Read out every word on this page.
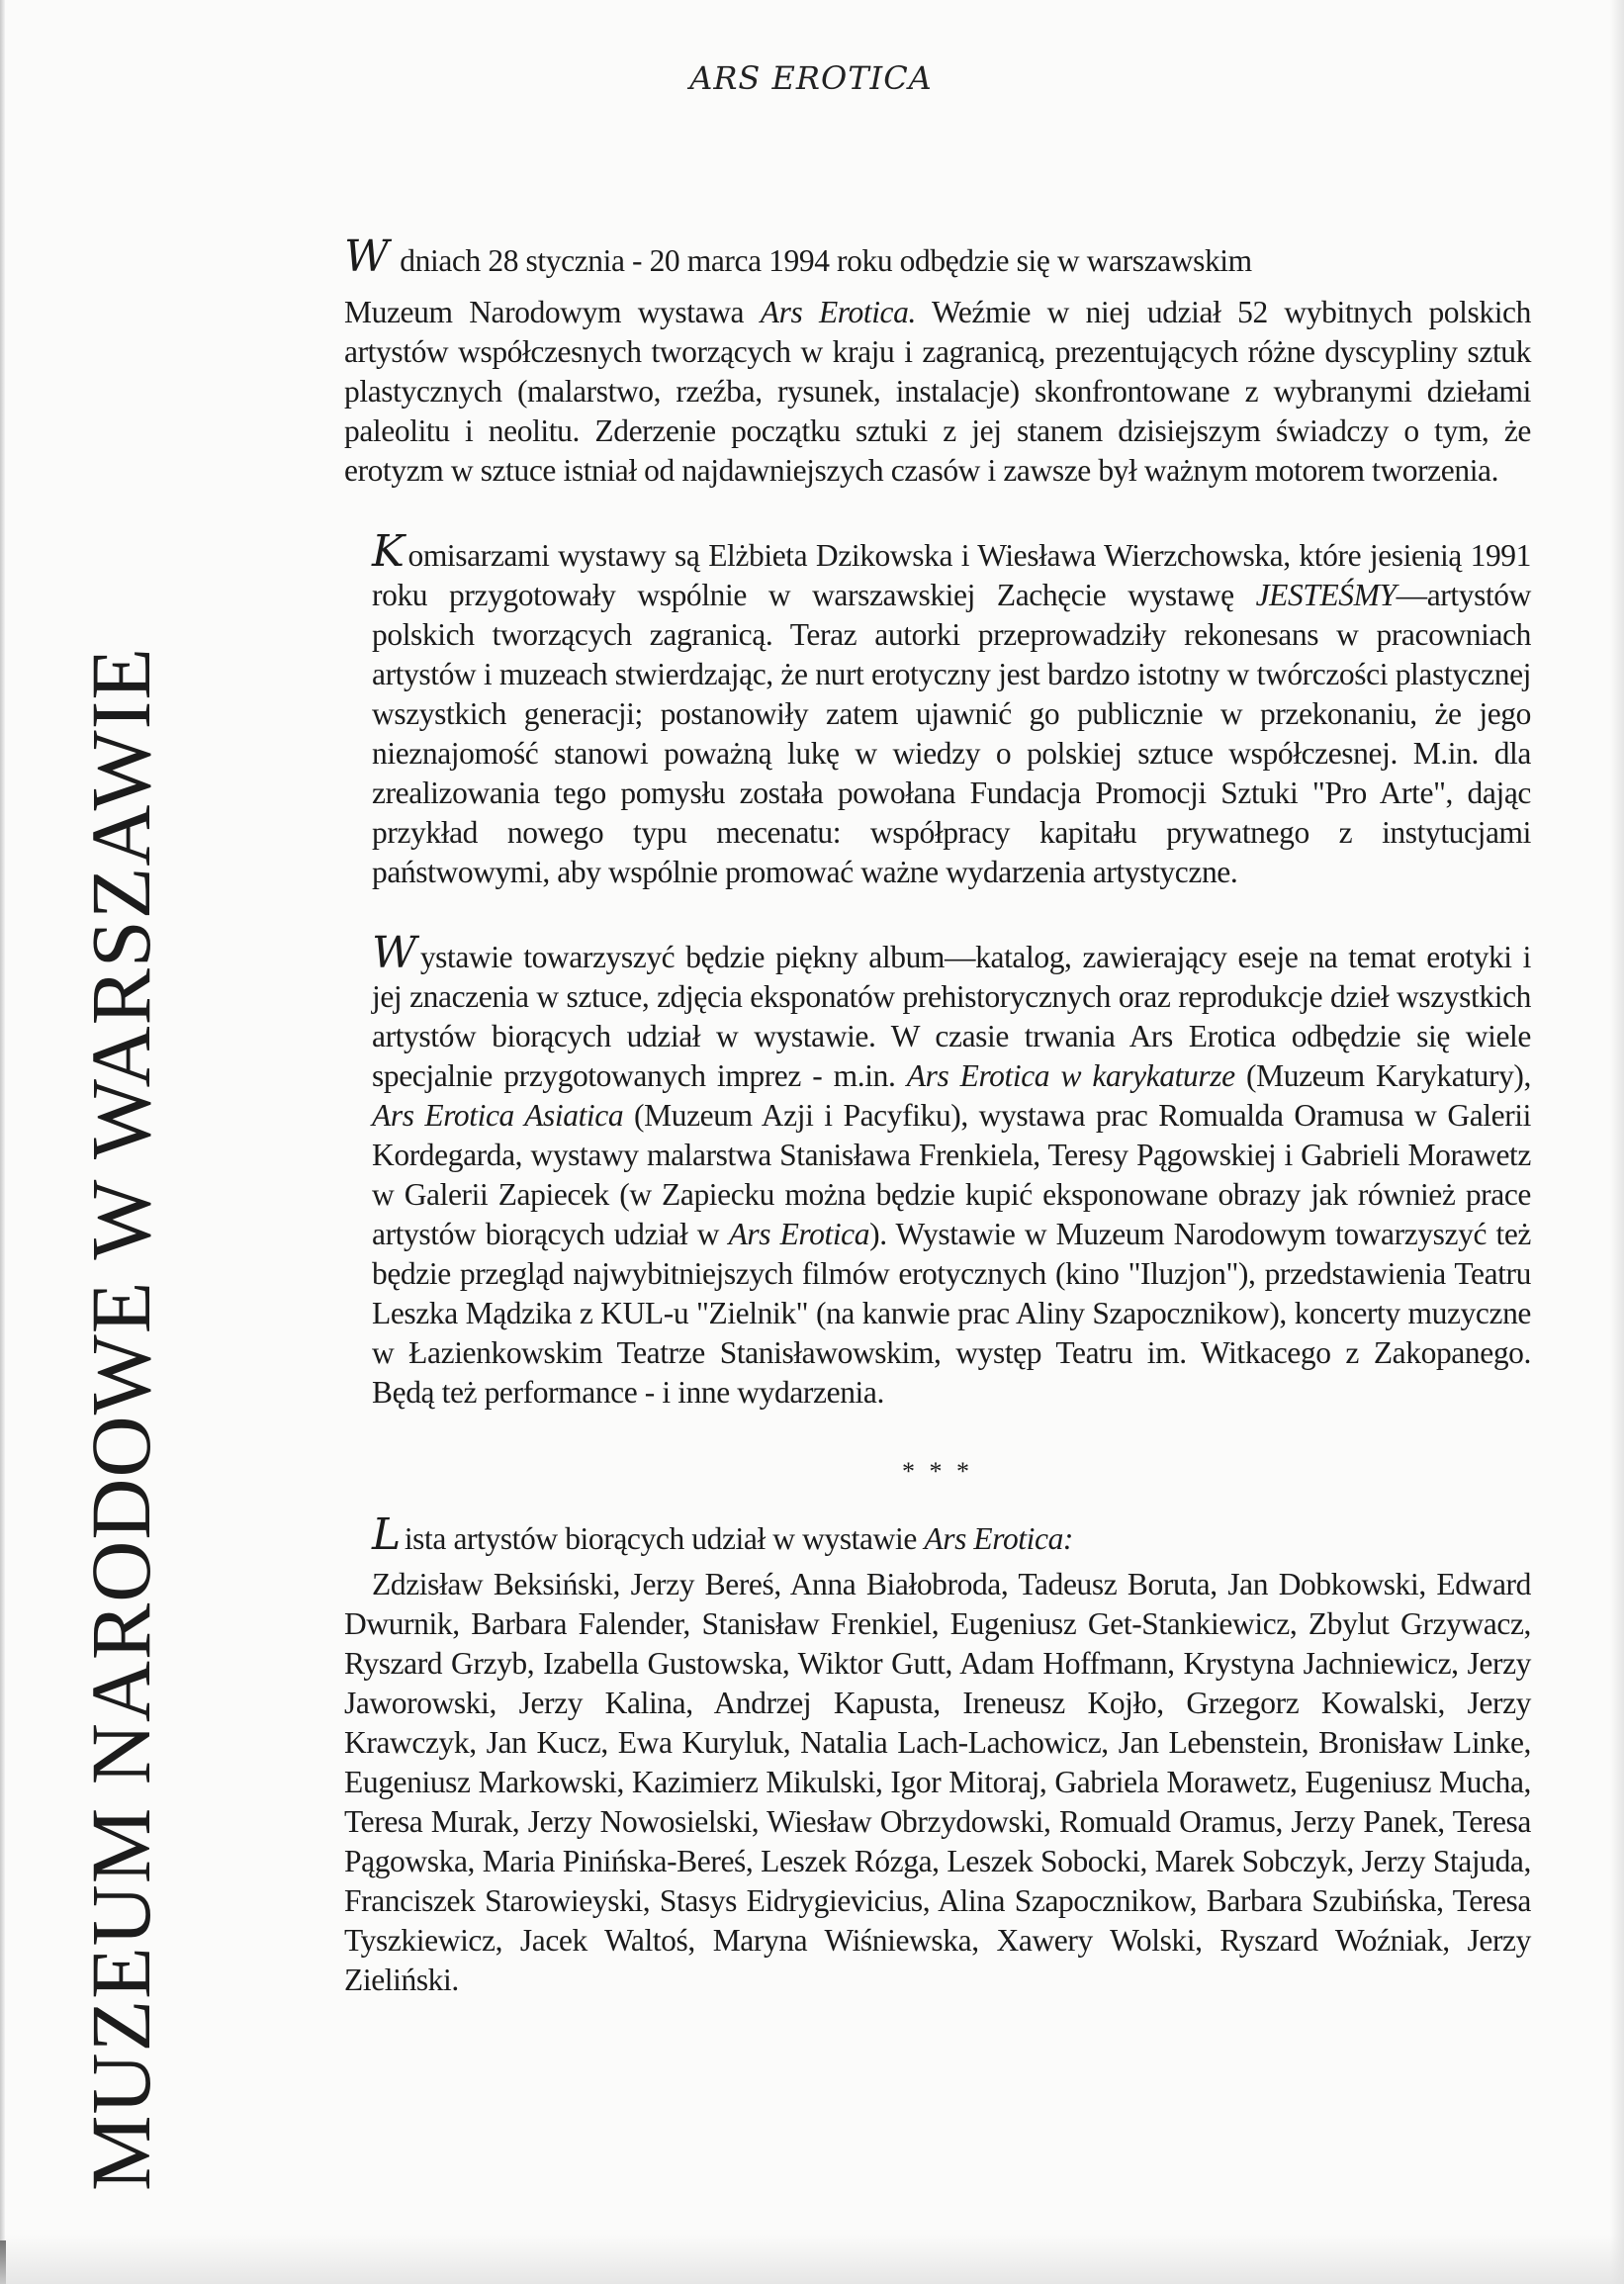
MUZEUM NARODOWE W WARSZAWIE
ARS EROTICA

W dniach 28 stycznia - 20 marca 1994 roku odbędzie się w warszawskim
Muzeum Narodowym wystawa Ars Erotica. Weźmie w niej udział 52 wybitnych polskich artystów współczesnych tworzących w kraju i zagranicą, prezentujących różne dyscypliny sztuk plastycznych (malarstwo, rzeźba, rysunek, instalacje) skonfrontowane z wybranymi dziełami paleolitu i neolitu. Zderzenie początku sztuki z jej stanem dzisiejszym świadczy o tym, że erotyzm w sztuce istniał od najdawniejszych czasów i zawsze był ważnym motorem tworzenia.

K omisarzami wystawy są Elżbieta Dzikowska i Wiesława Wierzchowska, które jesienią 1991 roku przygotowały wspólnie w warszawskiej Zachęcie wystawę JESTEŚMY—artystów polskich tworzących zagranicą. Teraz autorki przeprowadziły rekonesans w pracowniach artystów i muzeach stwierdzając, że nurt erotyczny jest bardzo istotny w twórczości plastycznej wszystkich generacji; postanowiły zatem ujawnić go publicznie w przekonaniu, że jego nieznajomość stanowi poważną lukę w wiedzy o polskiej sztuce współczesnej. M.in. dla zrealizowania tego pomysłu została powołana Fundacja Promocji Sztuki "Pro Arte", dając przykład nowego typu mecenatu: współpracy kapitału prywatnego z instytucjami państwowymi, aby wspólnie promować ważne wydarzenia artystyczne.

W ystawie towarzyszyć będzie piękny album—katalog, zawierający eseje na temat erotyki i jej znaczenia w sztuce, zdjęcia eksponatów prehistorycznych oraz reprodukcje dzieł wszystkich artystów biorących udział w wystawie. W czasie trwania Ars Erotica odbędzie się wiele specjalnie przygotowanych imprez - m.in. Ars Erotica w karykaturze (Muzeum Karykatury), Ars Erotica Asiatica (Muzeum Azji i Pacyfiku), wystawa prac Romualda Oramusa w Galerii Kordegarda, wystawy malarstwa Stanisława Frenkiela, Teresy Pągowskiej i Gabrieli Morawetz w Galerii Zapiecek (w Zapiecku można będzie kupić eksponowane obrazy jak również prace artystów biorących udział w Ars Erotica). Wystawie w Muzeum Narodowym towarzyszyć też będzie przegląd najwybitniejszych filmów erotycznych (kino "Iluzjon"), przedstawienia Teatru Leszka Mądzika z KUL-u "Zielnik" (na kanwie prac Aliny Szapocznikow), koncerty muzyczne w Łazienkowskim Teatrze Stanisławowskim, występ Teatru im. Witkacego z Zakopanego. Będą też performance - i inne wydarzenia.

* * *

L ista artystów biorących udział w wystawie Ars Erotica:

Zdzisław Beksiński, Jerzy Bereś, Anna Białobroda, Tadeusz Boruta, Jan Dobkowski, Edward Dwurnik, Barbara Falender, Stanisław Frenkiel, Eugeniusz Get-Stankiewicz, Zbylut Grzywacz, Ryszard Grzyb, Izabella Gustowska, Wiktor Gutt, Adam Hoffmann, Krystyna Jachniewicz, Jerzy Jaworowski, Jerzy Kalina, Andrzej Kapusta, Ireneusz Kojło, Grzegorz Kowalski, Jerzy Krawczyk, Jan Kucz, Ewa Kuryluk, Natalia Lach-Lachowicz, Jan Lebenstein, Bronisław Linke, Eugeniusz Markowski, Kazimierz Mikulski, Igor Mitoraj, Gabriela Morawetz, Eugeniusz Mucha, Teresa Murak, Jerzy Nowosielski, Wiesław Obrzydowski, Romuald Oramus, Jerzy Panek, Teresa Pągowska, Maria Pinińska-Bereś, Leszek Rózga, Leszek Sobocki, Marek Sobczyk, Jerzy Stajuda, Franciszek Starowieyski, Stasys Eidrygievicius, Alina Szapocznikow, Barbara Szubińska, Teresa Tyszkiewicz, Jacek Waltoś, Maryna Wiśniewska, Xawery Wolski, Ryszard Woźniak, Jerzy Zieliński.
